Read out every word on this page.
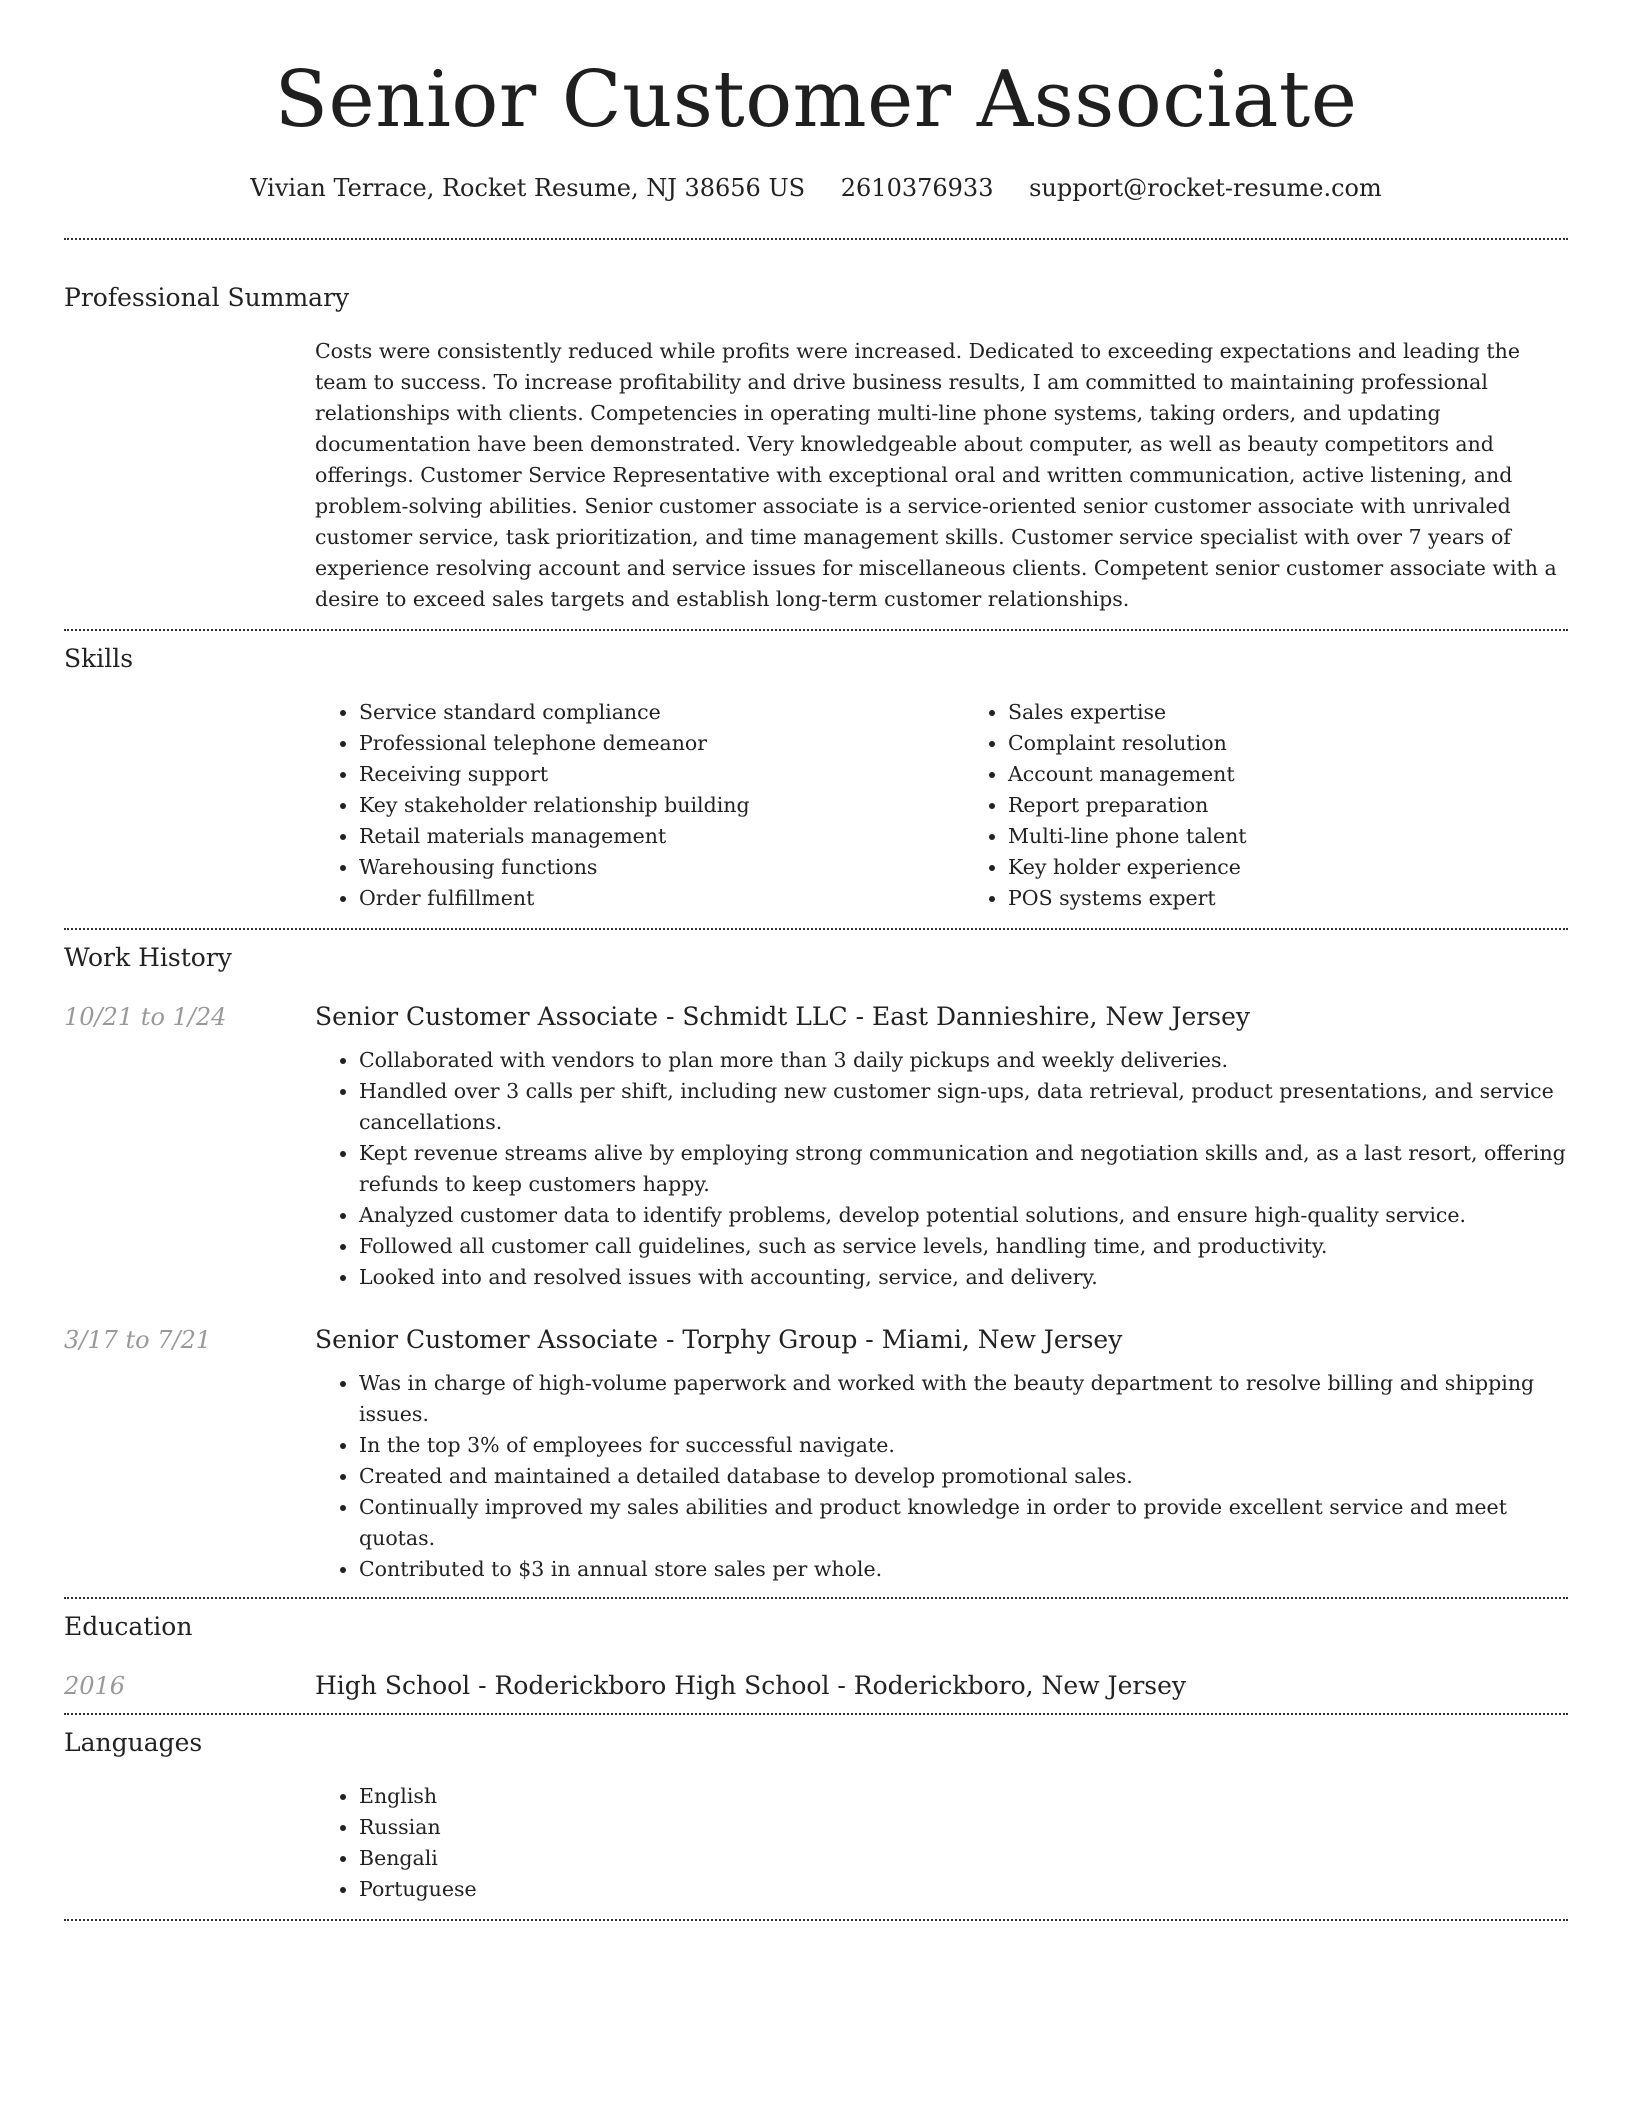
Senior Customer Associate
Vivian Terrace, Rocket Resume, NJ 38656 US 2610376933 support@rocket-resume.com
Professional Summary
Costs were consistently reduced while profits were increased. Dedicated to exceeding expectations and leading the team to success. To increase profitability and drive business results, I am committed to maintaining professional relationships with clients. Competencies in operating multi-line phone systems, taking orders, and updating documentation have been demonstrated. Very knowledgeable about computer, as well as beauty competitors and offerings. Customer Service Representative with exceptional oral and written communication, active listening, and problem-solving abilities. Senior customer associate is a service-oriented senior customer associate with unrivaled customer service, task prioritization, and time management skills. Customer service specialist with over 7 years of experience resolving account and service issues for miscellaneous clients. Competent senior customer associate with a desire to exceed sales targets and establish long-term customer relationships.
Skills
• Service standard compliance
• Professional telephone demeanor
• Receiving support
• Key stakeholder relationship building
• Retail materials management
• Warehousing functions
• Order fulfillment
• Sales expertise
• Complaint resolution
• Account management
• Report preparation
• Multi-line phone talent
• Key holder experience
• POS systems expert
Work History
10/21 to 1/24	Senior Customer Associate - Schmidt LLC - East Dannieshire, New Jersey
• Collaborated with vendors to plan more than 3 daily pickups and weekly deliveries.
• Handled over 3 calls per shift, including new customer sign-ups, data retrieval, product presentations, and service cancellations.
• Kept revenue streams alive by employing strong communication and negotiation skills and, as a last resort, offering refunds to keep customers happy.
• Analyzed customer data to identify problems, develop potential solutions, and ensure high-quality service.
• Followed all customer call guidelines, such as service levels, handling time, and productivity.
• Looked into and resolved issues with accounting, service, and delivery.
3/17 to 7/21	Senior Customer Associate - Torphy Group - Miami, New Jersey
• Was in charge of high-volume paperwork and worked with the beauty department to resolve billing and shipping issues.
• In the top 3% of employees for successful navigate.
• Created and maintained a detailed database to develop promotional sales.
• Continually improved my sales abilities and product knowledge in order to provide excellent service and meet quotas.
• Contributed to $3 in annual store sales per whole.
Education
2016	High School - Roderickboro High School - Roderickboro, New Jersey
Languages
• English
• Russian
• Bengali
• Portuguese
